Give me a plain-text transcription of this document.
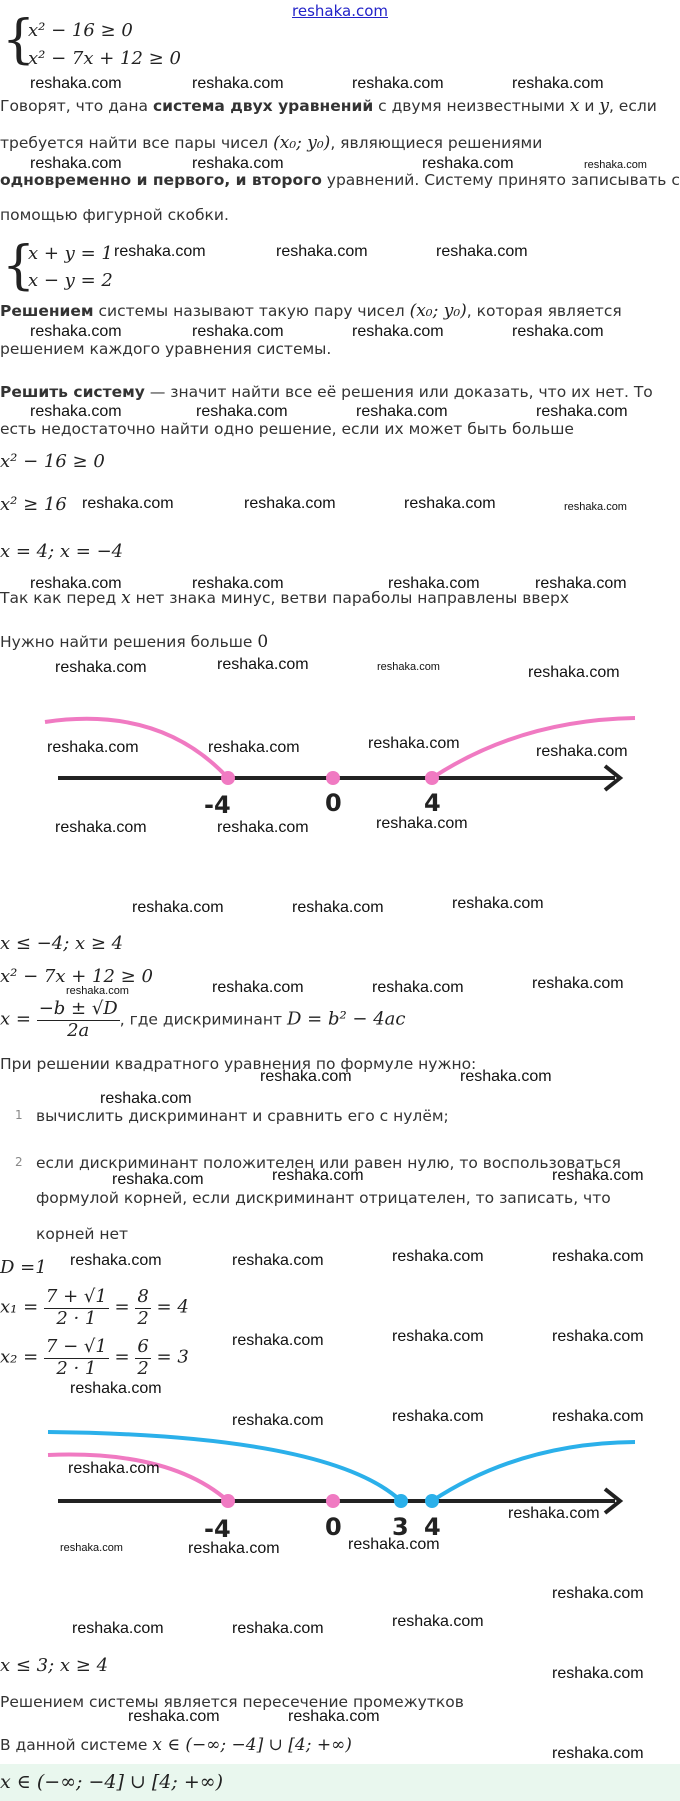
reshaka.com
{
x² − 16 ≥ 0
x² − 7x + 12 ≥ 0
Говорят, что дана система двух уравнений с двумя неизвестными x и y, если
требуется найти все пары чисел (x₀; y₀), являющиеся решениями
одновременно и первого, и второго уравнений. Систему принято записывать с
помощью фигурной скобки.
{
x + y = 1
x − y = 2
Решением системы называют такую пару чисел (x₀; y₀), которая является
решением каждого уравнения системы.
Решить систему — значит найти все её решения или доказать, что их нет. То
есть недостаточно найти одно решение, если их может быть больше
x² − 16 ≥ 0
x² ≥ 16
x = 4; x = −4
Так как перед x нет знака минус, ветви параболы направлены вверх
Нужно найти решения больше 0
-4	0	4
x ≤ −4; x ≥ 4
x² − 7x + 12 ≥ 0
$x = \frac{-b \pm √D}{2a}$ , где дискриминант D = b² − 4ac
При решении квадратного уравнения по формуле нужно:
1 вычислить дискриминант и сравнить его с нулём;
2 если дискриминант положителен или равен нулю, то воспользоваться
формулой корней, если дискриминант отрицателен, то записать, что
корней нет
D =1
$x_1 = \frac{7 + √1}{2 \cdot 1} = \frac{8}{2} = 4$
$x_2 = \frac{7 - √1}{2 \cdot 1} = \frac{6}{2} = 3$
-4	0 3 4
x ≤ 3; x ≥ 4
Решением системы является пересечение промежутков
В данной системе x ∈ (−∞; −4] ∪ [4; +∞)
x ∈ (−∞; −4] ∪ [4; +∞)
reshaka.com	reshaka.com	reshaka.com	reshaka.com
reshaka.com	reshaka.com	reshaka.com	reshaka.com
reshaka.com	reshaka.com	reshaka.com
reshaka.com	reshaka.com	reshaka.com	reshaka.com
reshaka.com	reshaka.com	reshaka.com	reshaka.com
reshaka.com	reshaka.com	reshaka.com	reshaka.com
reshaka.com	reshaka.com	reshaka.com	reshaka.com
reshaka.com	reshaka.com	reshaka.com	reshaka.com
reshaka.com	reshaka.com	reshaka.com	reshaka.com
reshaka.com	reshaka.com	reshaka.com
reshaka.com	reshaka.com	reshaka.com
reshaka.com	reshaka.com	reshaka.com	reshaka.com
reshaka.com	reshaka.com
reshaka.com
reshaka.com	reshaka.com	reshaka.com
reshaka.com	reshaka.com	reshaka.com	reshaka.com
reshaka.com	reshaka.com	reshaka.com
reshaka.com
reshaka.com	reshaka.com	reshaka.com
reshaka.com
reshaka.com
reshaka.com	reshaka.com	reshaka.com
reshaka.com
reshaka.com
reshaka.com	reshaka.com
reshaka.com
reshaka.com	reshaka.com
reshaka.com
